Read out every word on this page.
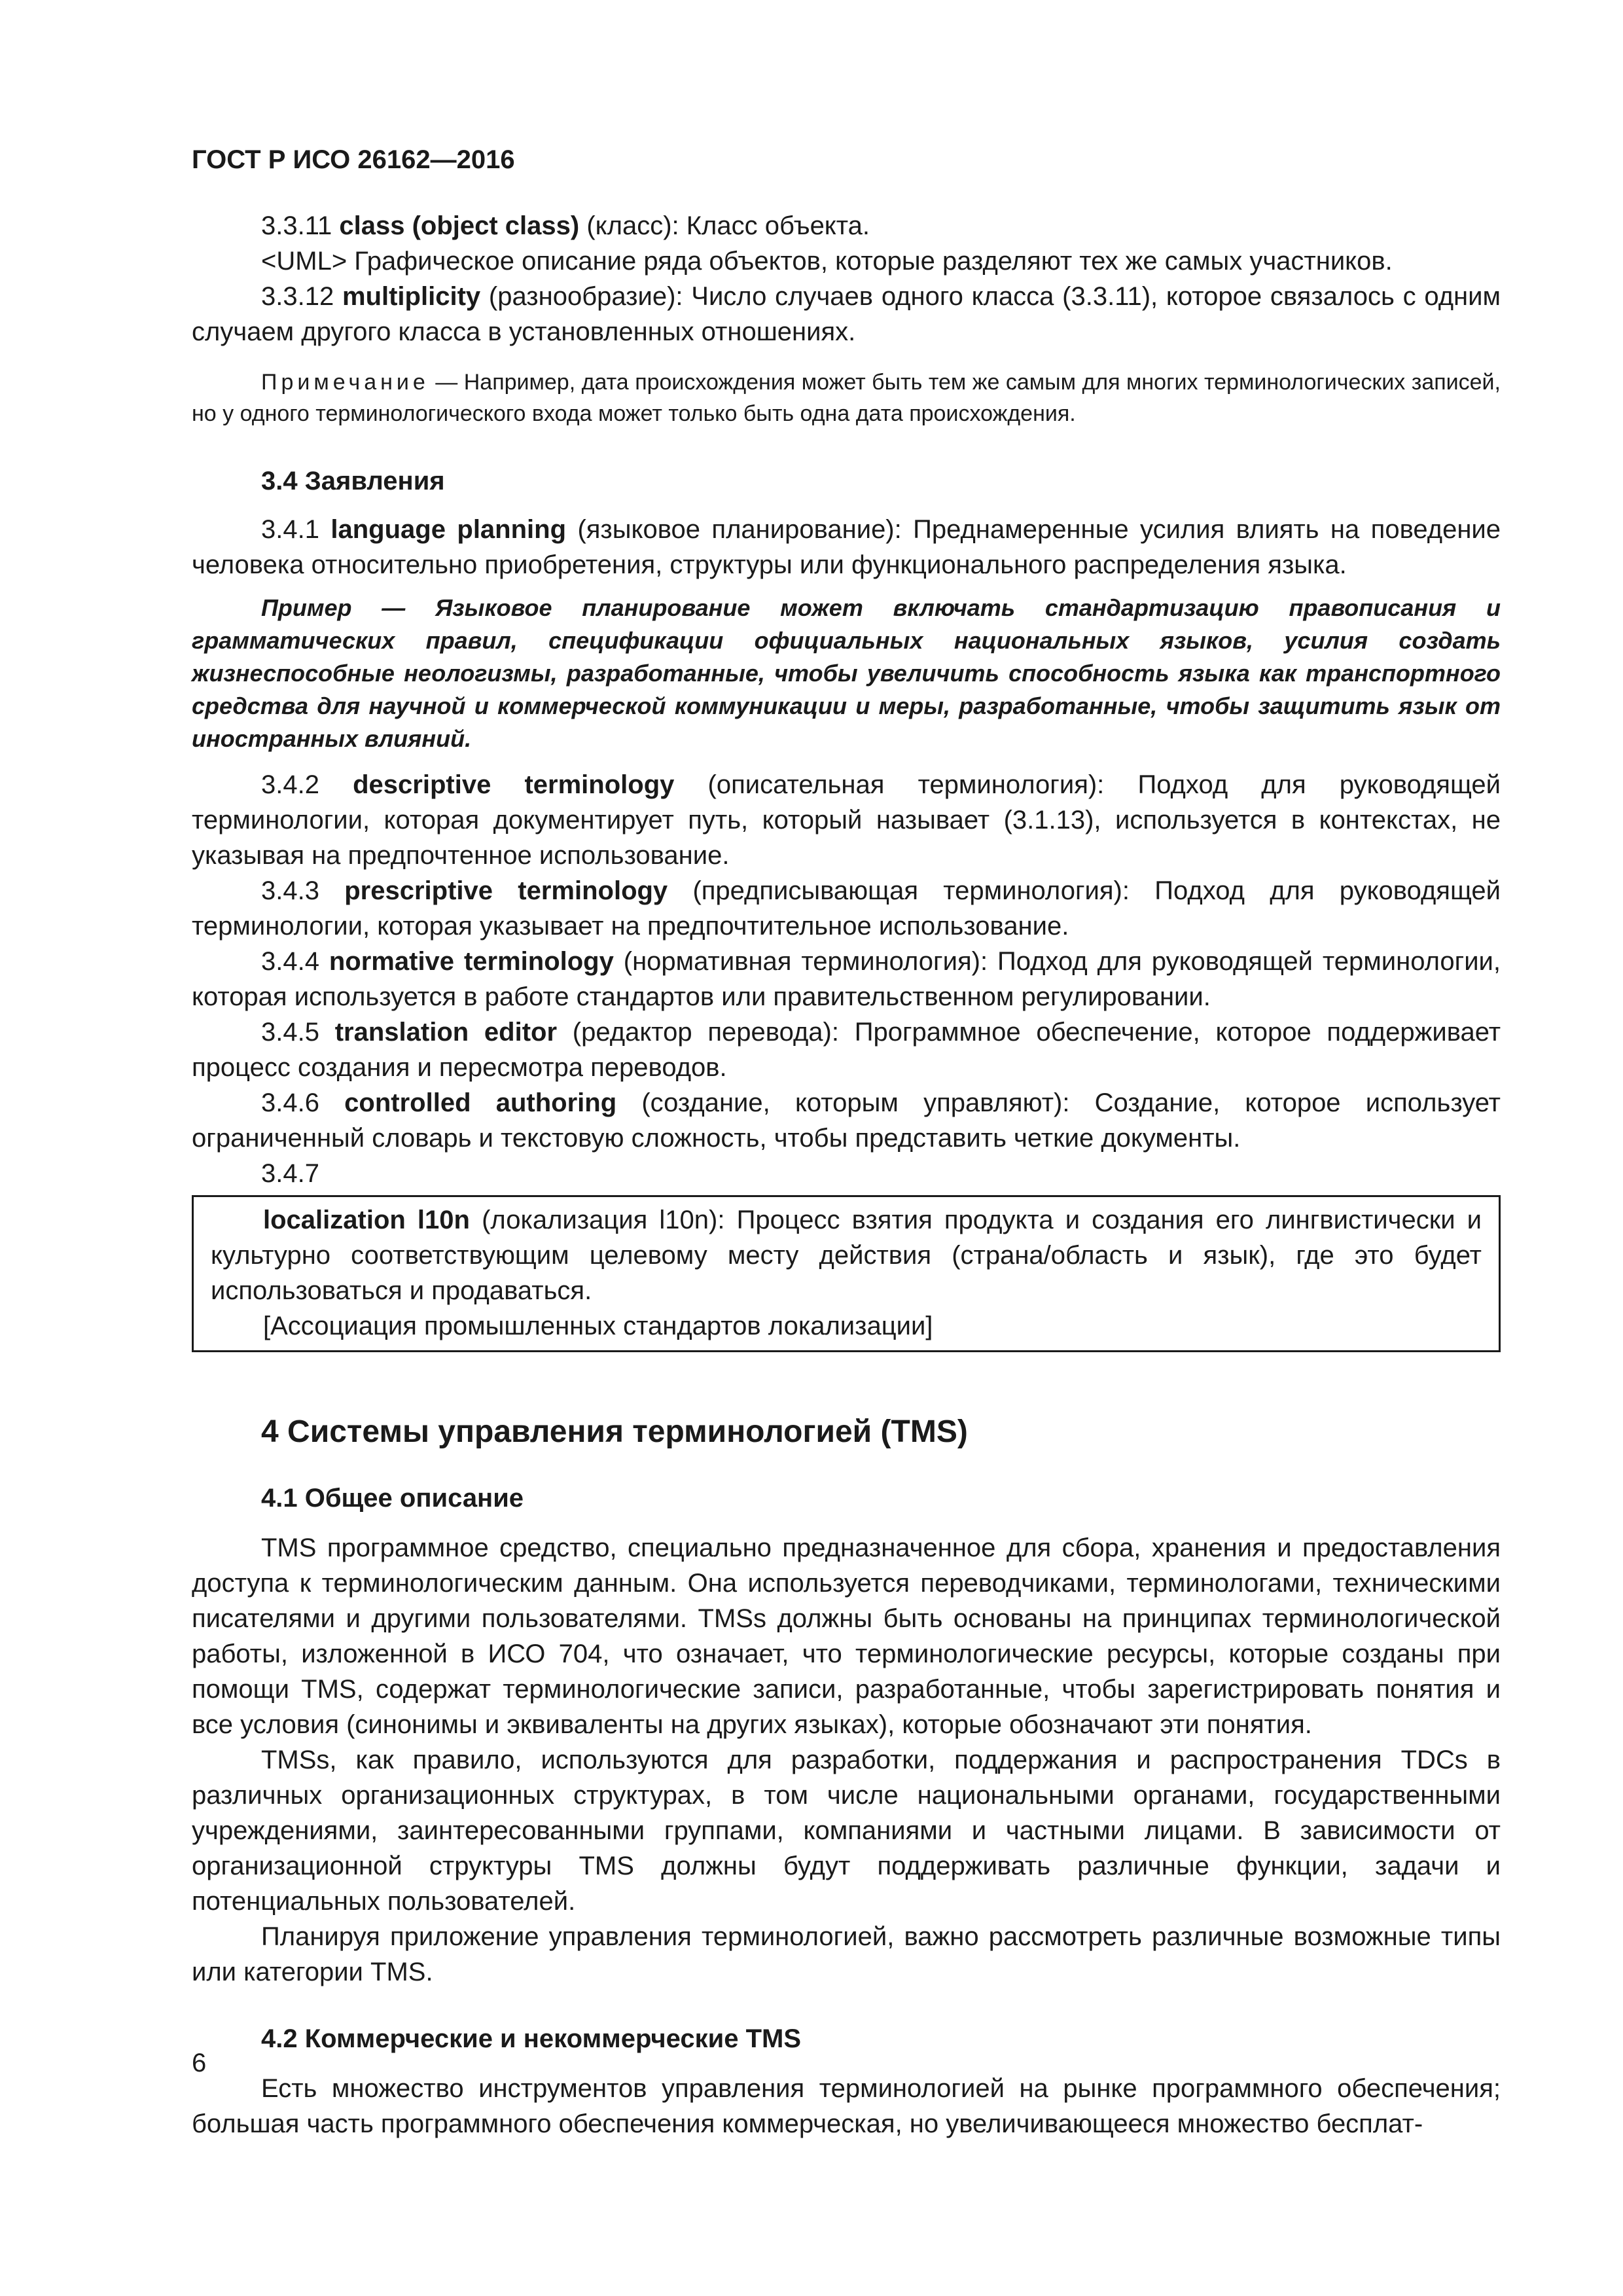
ГОСТ Р ИСО 26162—2016

3.3.11 class (object class) (класс): Класс объекта.

<UML> Графическое описание ряда объектов, которые разделяют тех же самых участников.

3.3.12 multiplicity (разнообразие): Число случаев одного класса (3.3.11), которое связалось с одним случаем другого класса в установленных отношениях.

Примечание — Например, дата происхождения может быть тем же самым для многих терминологических записей, но у одного терминологического входа может только быть одна дата происхождения.

3.4 Заявления

3.4.1 language planning (языковое планирование): Преднамеренные усилия влиять на поведение человека относительно приобретения, структуры или функционального распределения языка.

Пример — Языковое планирование может включать стандартизацию правописания и грамматических правил, спецификации официальных национальных языков, усилия создать жизнеспособные неологизмы, разработанные, чтобы увеличить способность языка как транспортного средства для научной и коммерческой коммуникации и меры, разработанные, чтобы защитить язык от иностранных влияний.

3.4.2 descriptive terminology (описательная терминология): Подход для руководящей терминологии, которая документирует путь, который называет (3.1.13), используется в контекстах, не указывая на предпочтенное использование.

3.4.3 prescriptive terminology (предписывающая терминология): Подход для руководящей терминологии, которая указывает на предпочтительное использование.

3.4.4 normative terminology (нормативная терминология): Подход для руководящей терминологии, которая используется в работе стандартов или правительственном регулировании.

3.4.5 translation editor (редактор перевода): Программное обеспечение, которое поддерживает процесс создания и пересмотра переводов.

3.4.6 controlled authoring (создание, которым управляют): Создание, которое использует ограниченный словарь и текстовую сложность, чтобы представить четкие документы.

3.4.7

localization l10n (локализация l10n): Процесс взятия продукта и создания его лингвистически и культурно соответствующим целевому месту действия (страна/область и язык), где это будет использоваться и продаваться.

[Ассоциация промышленных стандартов локализации]

4 Системы управления терминологией (TMS)
4.1 Общее описание

TMS программное средство, специально предназначенное для сбора, хранения и предоставления доступа к терминологическим данным. Она используется переводчиками, терминологами, техническими писателями и другими пользователями. TMSs должны быть основаны на принципах терминологической работы, изложенной в ИСО 704, что означает, что терминологические ресурсы, которые созданы при помощи TMS, содержат терминологические записи, разработанные, чтобы зарегистрировать понятия и все условия (синонимы и эквиваленты на других языках), которые обозначают эти понятия.

TMSs, как правило, используются для разработки, поддержания и распространения TDCs в различных организационных структурах, в том числе национальными органами, государственными учреждениями, заинтересованными группами, компаниями и частными лицами. В зависимости от организационной структуры TMS должны будут поддерживать различные функции, задачи и потенциальных пользователей.

Планируя приложение управления терминологией, важно рассмотреть различные возможные типы или категории TMS.

4.2 Коммерческие и некоммерческие TMS

Есть множество инструментов управления терминологией на рынке программного обеспечения; большая часть программного обеспечения коммерческая, но увеличивающееся множество бесплат-

6
